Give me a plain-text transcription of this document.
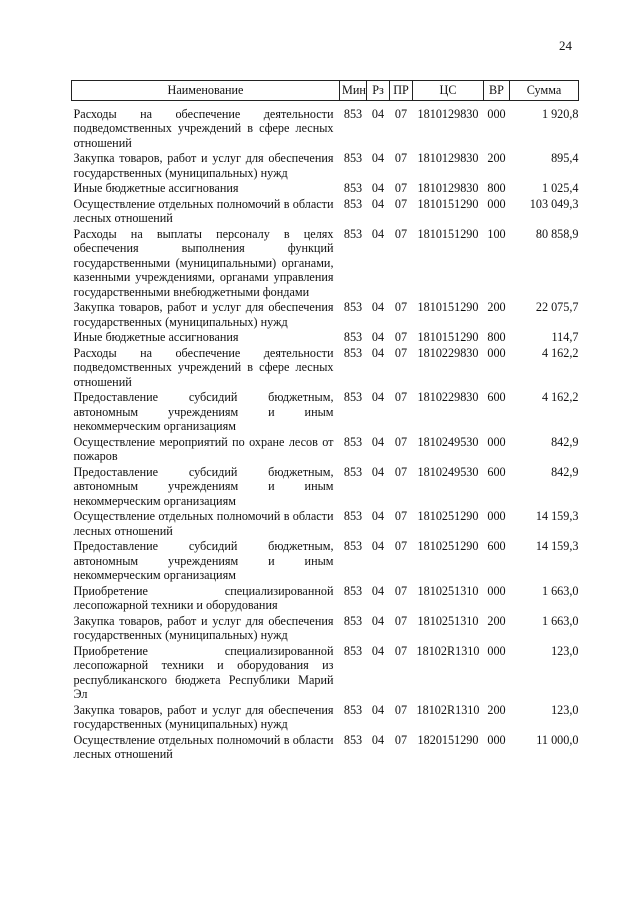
24
Наименование	Мин	Рз	ПР	ЦС	ВР	Сумма
Расходы на обеспечение деятельности подведомственных учреждений в сфере лесных отношений	853	04	07	1810129830	000	1 920,8
Закупка товаров, работ и услуг для обеспечения государственных (муниципальных) нужд	853	04	07	1810129830	200	895,4
Иные бюджетные ассигнования	853	04	07	1810129830	800	1 025,4
Осуществление отдельных полномочий в области лесных отношений	853	04	07	1810151290	000	103 049,3
Расходы на выплаты персоналу в целях обеспечения выполнения функций государственными (муниципальными) органами, казенными учреждениями, органами управления государственными внебюджетными фондами	853	04	07	1810151290	100	80 858,9
Закупка товаров, работ и услуг для обеспечения государственных (муниципальных) нужд	853	04	07	1810151290	200	22 075,7
Иные бюджетные ассигнования	853	04	07	1810151290	800	114,7
Расходы на обеспечение деятельности подведомственных учреждений в сфере лесных отношений	853	04	07	1810229830	000	4 162,2
Предоставление субсидий бюджетным, автономным учреждениям и иным некоммерческим организациям	853	04	07	1810229830	600	4 162,2
Осуществление мероприятий по охране лесов от пожаров	853	04	07	1810249530	000	842,9
Предоставление субсидий бюджетным, автономным учреждениям и иным некоммерческим организациям	853	04	07	1810249530	600	842,9
Осуществление отдельных полномочий в области лесных отношений	853	04	07	1810251290	000	14 159,3
Предоставление субсидий бюджетным, автономным учреждениям и иным некоммерческим организациям	853	04	07	1810251290	600	14 159,3
Приобретение специализированной лесопожарной техники и оборудования	853	04	07	1810251310	000	1 663,0
Закупка товаров, работ и услуг для обеспечения государственных (муниципальных) нужд	853	04	07	1810251310	200	1 663,0
Приобретение специализированной лесопожарной техники и оборудования из республиканского бюджета Республики Марий Эл	853	04	07	18102R1310	000	123,0
Закупка товаров, работ и услуг для обеспечения государственных (муниципальных) нужд	853	04	07	18102R1310	200	123,0
Осуществление отдельных полномочий в области лесных отношений	853	04	07	1820151290	000	11 000,0
